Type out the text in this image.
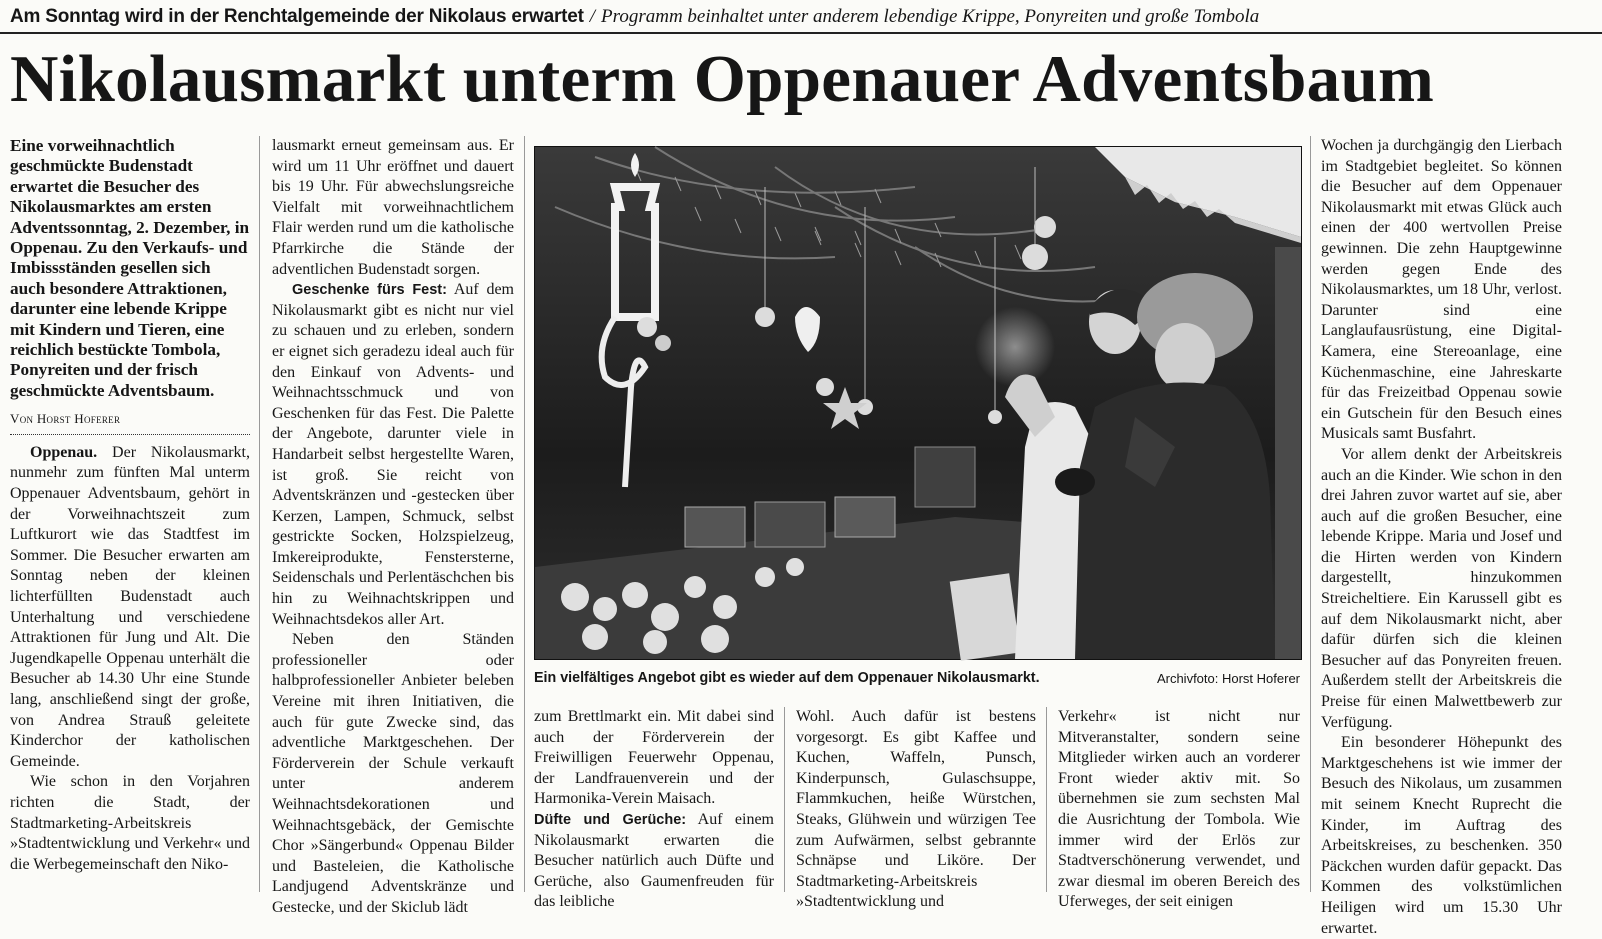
Am Sonntag wird in der Renchtalgemeinde der Nikolaus erwartet / Programm beinhaltet unter anderem lebendige Krippe, Ponyreiten und große Tombola
Nikolausmarkt unterm Oppenauer Adventsbaum

Eine vorweihnachtlich geschmückte Budenstadt erwartet die Besucher des Nikolausmarktes am ersten Adventssonntag, 2. Dezember, in Oppenau. Zu den Verkaufs- und Imbissständen gesellen sich auch besondere Attraktionen, darunter eine lebende Krippe mit Kindern und Tieren, eine reichlich bestückte Tombola, Ponyreiten und der frisch geschmückte Adventsbaum.

Von Horst Hoferer

Oppenau. Der Nikolausmarkt, nunmehr zum fünften Mal unterm Oppenauer Adventsbaum, gehört in der Vorweihnachtszeit zum Luftkurort wie das Stadtfest im Sommer. Die Besucher erwarten am Sonntag neben der kleinen lichterfüllten Budenstadt auch Unterhaltung und verschiedene Attraktionen für Jung und Alt. Die Jugendkapelle Oppenau unterhält die Besucher ab 14.30 Uhr eine Stunde lang, anschließend singt der große, von Andrea Strauß geleitete Kinderchor der katholischen Gemeinde.

Wie schon in den Vorjahren richten die Stadt, der Stadtmarketing-Arbeitskreis »Stadtentwicklung und Verkehr« und die Werbegemeinschaft den Niko-

lausmarkt erneut gemeinsam aus. Er wird um 11 Uhr eröffnet und dauert bis 19 Uhr. Für abwechslungsreiche Vielfalt mit vorweihnachtlichem Flair werden rund um die katholische Pfarrkirche die Stände der adventlichen Budenstadt sorgen.

Geschenke fürs Fest: Auf dem Nikolausmarkt gibt es nicht nur viel zu schauen und zu erleben, sondern er eignet sich geradezu ideal auch für den Einkauf von Advents- und Weihnachtsschmuck und von Geschenken für das Fest. Die Palette der Angebote, darunter viele in Handarbeit selbst hergestellte Waren, ist groß. Sie reicht von Adventskränzen und -gestecken über Kerzen, Lampen, Schmuck, selbst gestrickte Socken, Holzspielzeug, Imkereiprodukte, Fenstersterne, Seidenschals und Perlentäschchen bis hin zu Weihnachtskrippen und Weihnachtsdekos aller Art.

Neben den Ständen professioneller oder halbprofessioneller Anbieter beleben Vereine mit ihren Initiativen, die auch für gute Zwecke sind, das adventliche Marktgeschehen. Der Förderverein der Schule verkauft unter anderem Weihnachtsdekorationen und Weihnachtsgebäck, der Gemischte Chor »Sängerbund« Oppenau Bilder und Basteleien, die Katholische Landjugend Adventskränze und Gestecke, und der Skiclub lädt

Ein vielfältiges Angebot gibt es wieder auf dem Oppenauer Nikolausmarkt.	Archivfoto: Horst Hoferer

zum Brettlmarkt ein. Mit dabei sind auch der Förderverein der Freiwilligen Feuerwehr Oppenau, der Landfrauenverein und der Harmonika-Verein Maisach.

Düfte und Gerüche: Auf einem Nikolausmarkt erwarten die Besucher natürlich auch Düfte und Gerüche, also Gaumenfreuden für das leibliche

Wohl. Auch dafür ist bestens vorgesorgt. Es gibt Kaffee und Kuchen, Waffeln, Punsch, Kinderpunsch, Gulaschsuppe, Flammkuchen, heiße Würstchen, Steaks, Glühwein und würzigen Tee zum Aufwärmen, selbst gebrannte Schnäpse und Liköre. Der Stadtmarketing-Arbeitskreis »Stadtentwicklung und

Verkehr« ist nicht nur Mitveranstalter, sondern seine Mitglieder wirken auch an vorderer Front wieder aktiv mit. So übernehmen sie zum sechsten Mal die Ausrichtung der Tombola. Wie immer wird der Erlös zur Stadtverschönerung verwendet, und zwar diesmal im oberen Bereich des Uferweges, der seit einigen

Wochen ja durchgängig den Lierbach im Stadtgebiet begleitet. So können die Besucher auf dem Oppenauer Nikolausmarkt mit etwas Glück auch einen der 400 wertvollen Preise gewinnen. Die zehn Hauptgewinne werden gegen Ende des Nikolausmarktes, um 18 Uhr, verlost. Darunter sind eine Langlaufausrüstung, eine Digital-Kamera, eine Stereoanlage, eine Küchenmaschine, eine Jahreskarte für das Freizeitbad Oppenau sowie ein Gutschein für den Besuch eines Musicals samt Busfahrt.

Vor allem denkt der Arbeitskreis auch an die Kinder. Wie schon in den drei Jahren zuvor wartet auf sie, aber auch auf die großen Besucher, eine lebende Krippe. Maria und Josef und die Hirten werden von Kindern dargestellt, hinzukommen Streicheltiere. Ein Karussell gibt es auf dem Nikolausmarkt nicht, aber dafür dürfen sich die kleinen Besucher auf das Ponyreiten freuen. Außerdem stellt der Arbeitskreis die Preise für einen Malwettbewerb zur Verfügung.

Ein besonderer Höhepunkt des Marktgeschehens ist wie immer der Besuch des Nikolaus, um zusammen mit seinem Knecht Ruprecht die Kinder, im Auftrag des Arbeitskreises, zu beschenken. 350 Päckchen wurden dafür gepackt. Das Kommen des volkstümlichen Heiligen wird um 15.30 Uhr erwartet.
